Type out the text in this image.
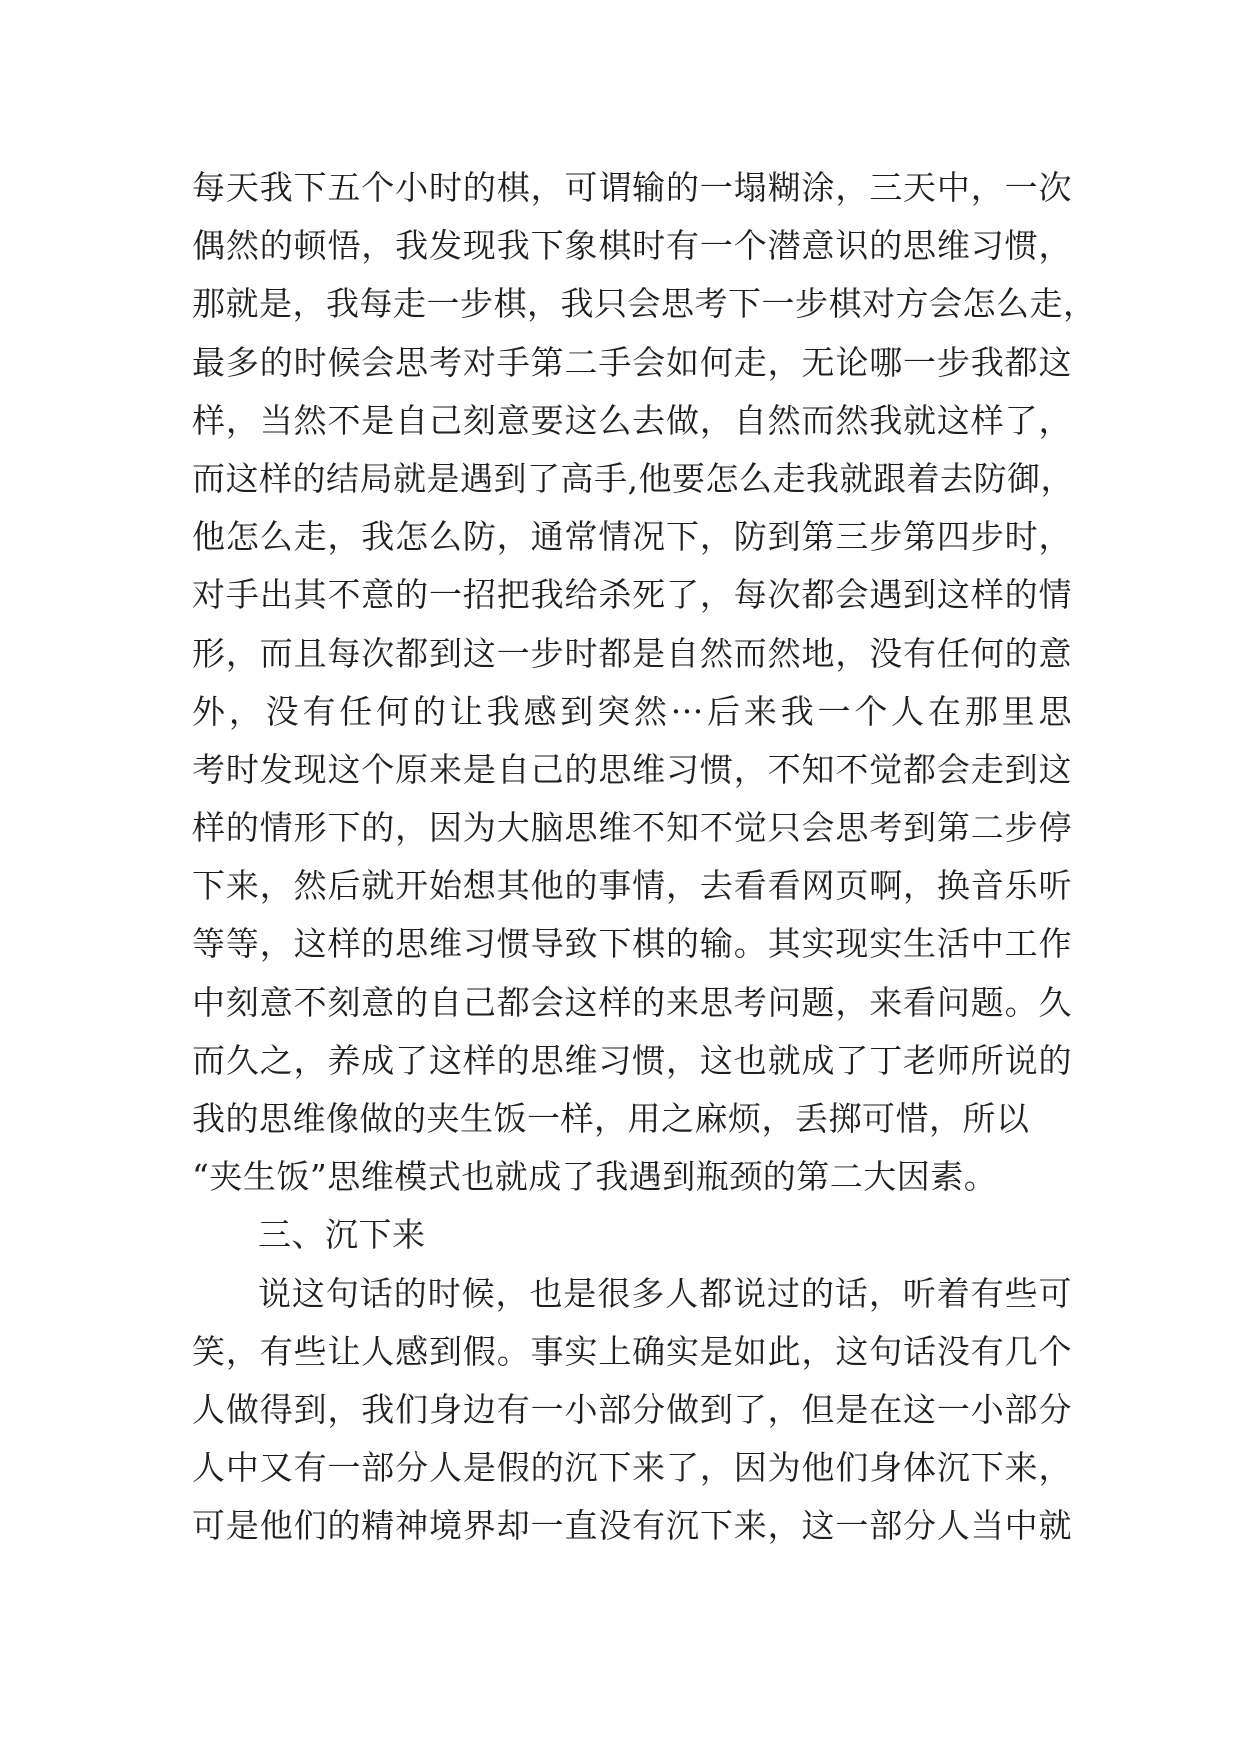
每天我下五个小时的棋，可谓输的一塌糊涂，三天中，一次
偶然的顿悟，我发现我下象棋时有一个潜意识的思维习惯，
那就是，我每走一步棋，我只会思考下一步棋对方会怎么走，
最多的时候会思考对手第二手会如何走，无论哪一步我都这
样，当然不是自己刻意要这么去做，自然而然我就这样了，
而这样的结局就是遇到了高手,他要怎么走我就跟着去防御，
他怎么走，我怎么防，通常情况下，防到第三步第四步时，
对手出其不意的一招把我给杀死了，每次都会遇到这样的情
形，而且每次都到这一步时都是自然而然地，没有任何的意
外，没有任何的让我感到突然···后来我一个人在那里思
考时发现这个原来是自己的思维习惯，不知不觉都会走到这
样的情形下的，因为大脑思维不知不觉只会思考到第二步停
下来，然后就开始想其他的事情，去看看网页啊，换音乐听
等等，这样的思维习惯导致下棋的输。其实现实生活中工作
中刻意不刻意的自己都会这样的来思考问题，来看问题。久
而久之，养成了这样的思维习惯，这也就成了丁老师所说的
我的思维像做的夹生饭一样，用之麻烦，丢掷可惜，所以
“夹生饭”思维模式也就成了我遇到瓶颈的第二大因素。
三、沉下来
说这句话的时候，也是很多人都说过的话，听着有些可
笑，有些让人感到假。事实上确实是如此，这句话没有几个
人做得到，我们身边有一小部分做到了，但是在这一小部分
人中又有一部分人是假的沉下来了，因为他们身体沉下来，
可是他们的精神境界却一直没有沉下来，这一部分人当中就
